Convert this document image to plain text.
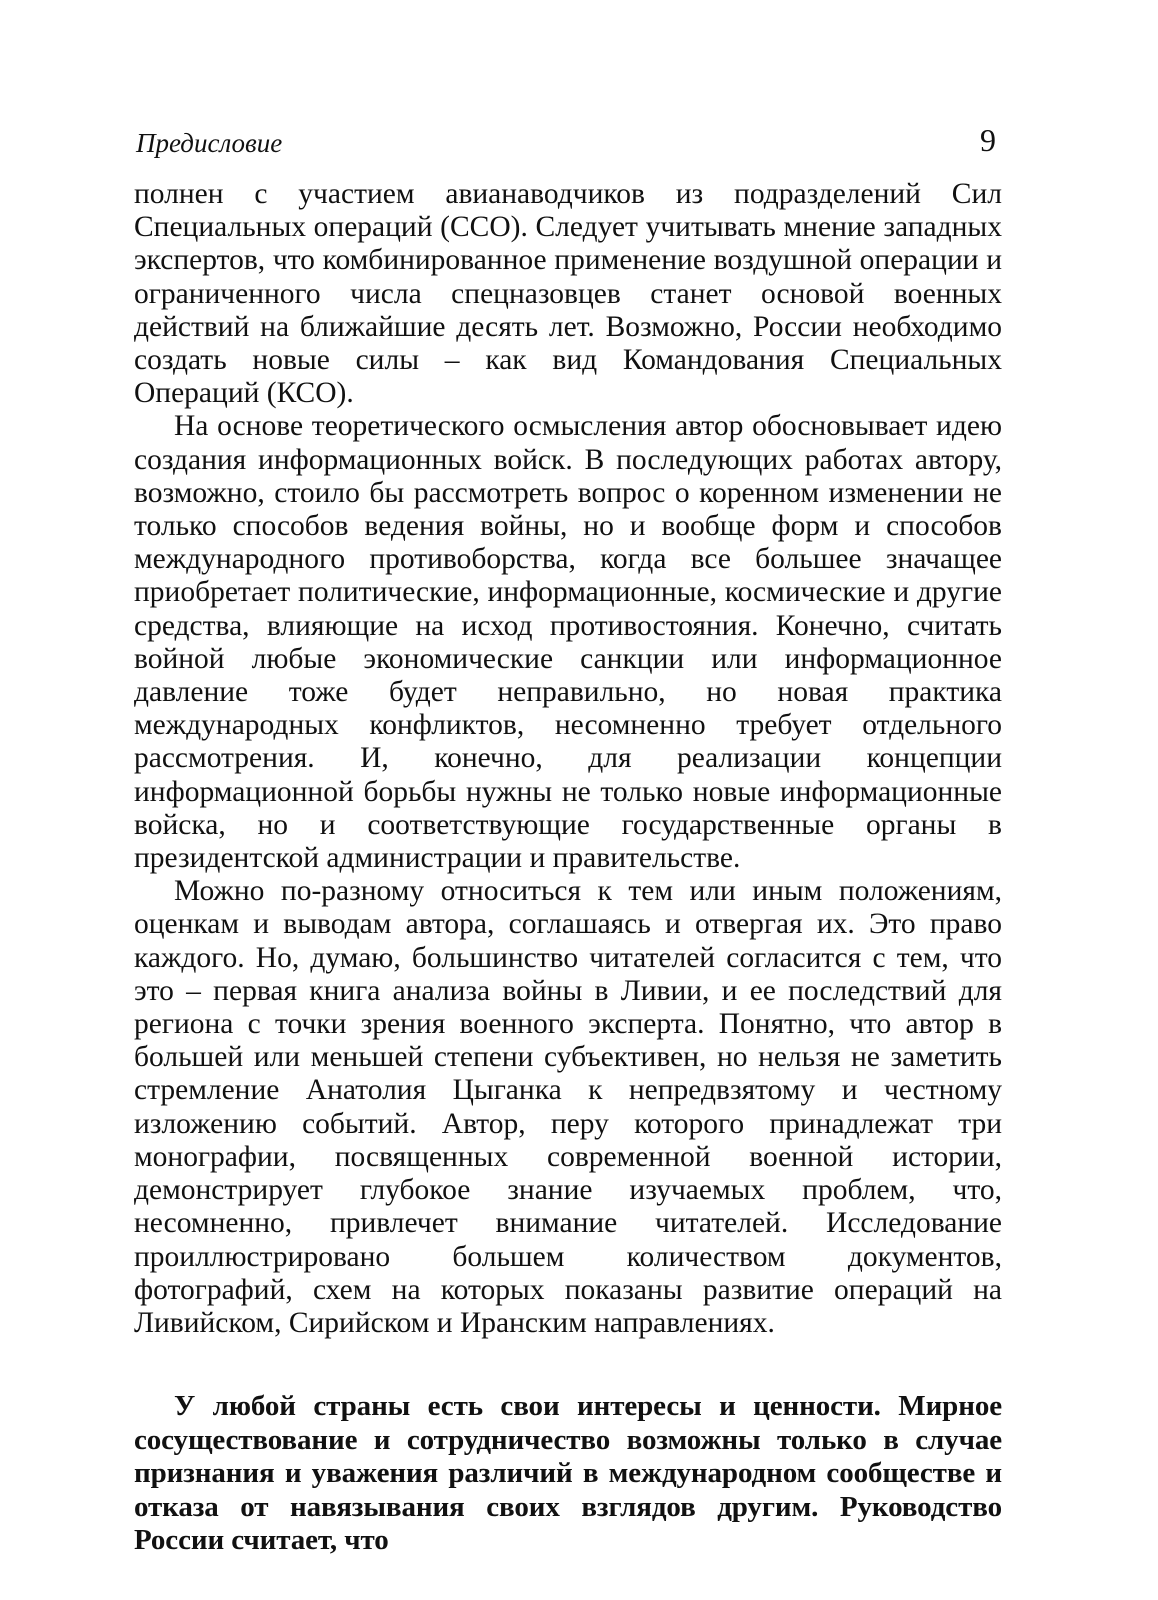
Предисловие	9

полнен с участием авианаводчиков из подразделений Сил Специальных операций (ССО). Следует учитывать мнение западных экспертов, что комбинированное применение воздушной операции и ограниченного числа спецназовцев станет основой военных действий на ближайшие десять лет. Возможно, России необходимо создать новые силы – как вид Командования Специальных Операций (КСО).

На основе теоретического осмысления автор обосновывает идею создания информационных войск. В последующих работах автору, возможно, стоило бы рассмотреть вопрос о коренном изменении не только способов ведения войны, но и вообще форм и способов международного противоборства, когда все большее значащее приобретает политические, информационные, космические и другие средства, влияющие на исход противостояния. Конечно, считать войной любые экономические санкции или информационное давление тоже будет неправильно, но новая практика международных конфликтов, несомненно требует отдельного рассмотрения. И, конечно, для реализации концепции информационной борьбы нужны не только новые информационные войска, но и соответствующие государственные органы в президентской администрации и правительстве.

Можно по-разному относиться к тем или иным положениям, оценкам и выводам автора, соглашаясь и отвергая их. Это право каждого. Но, думаю, большинство читателей согласится с тем, что это – первая книга анализа войны в Ливии, и ее последствий для региона с точки зрения военного эксперта. Понятно, что автор в большей или меньшей степени субъективен, но нельзя не заметить стремление Анатолия Цыганка к непредвзятому и честному изложению событий. Автор, перу которого принадлежат три монографии, посвященных современной военной истории, демонстрирует глубокое знание изучаемых проблем, что, несомненно, привлечет внимание читателей. Исследование проиллюстрировано большем количеством документов, фотографий, схем на которых показаны развитие операций на Ливийском, Сирийском и Иранским направлениях.

У любой страны есть свои интересы и ценности. Мирное сосуществование и сотрудничество возможны только в случае признания и уважения различий в международном сообществе и отказа от навязывания своих взглядов другим. Руководство России считает, что
